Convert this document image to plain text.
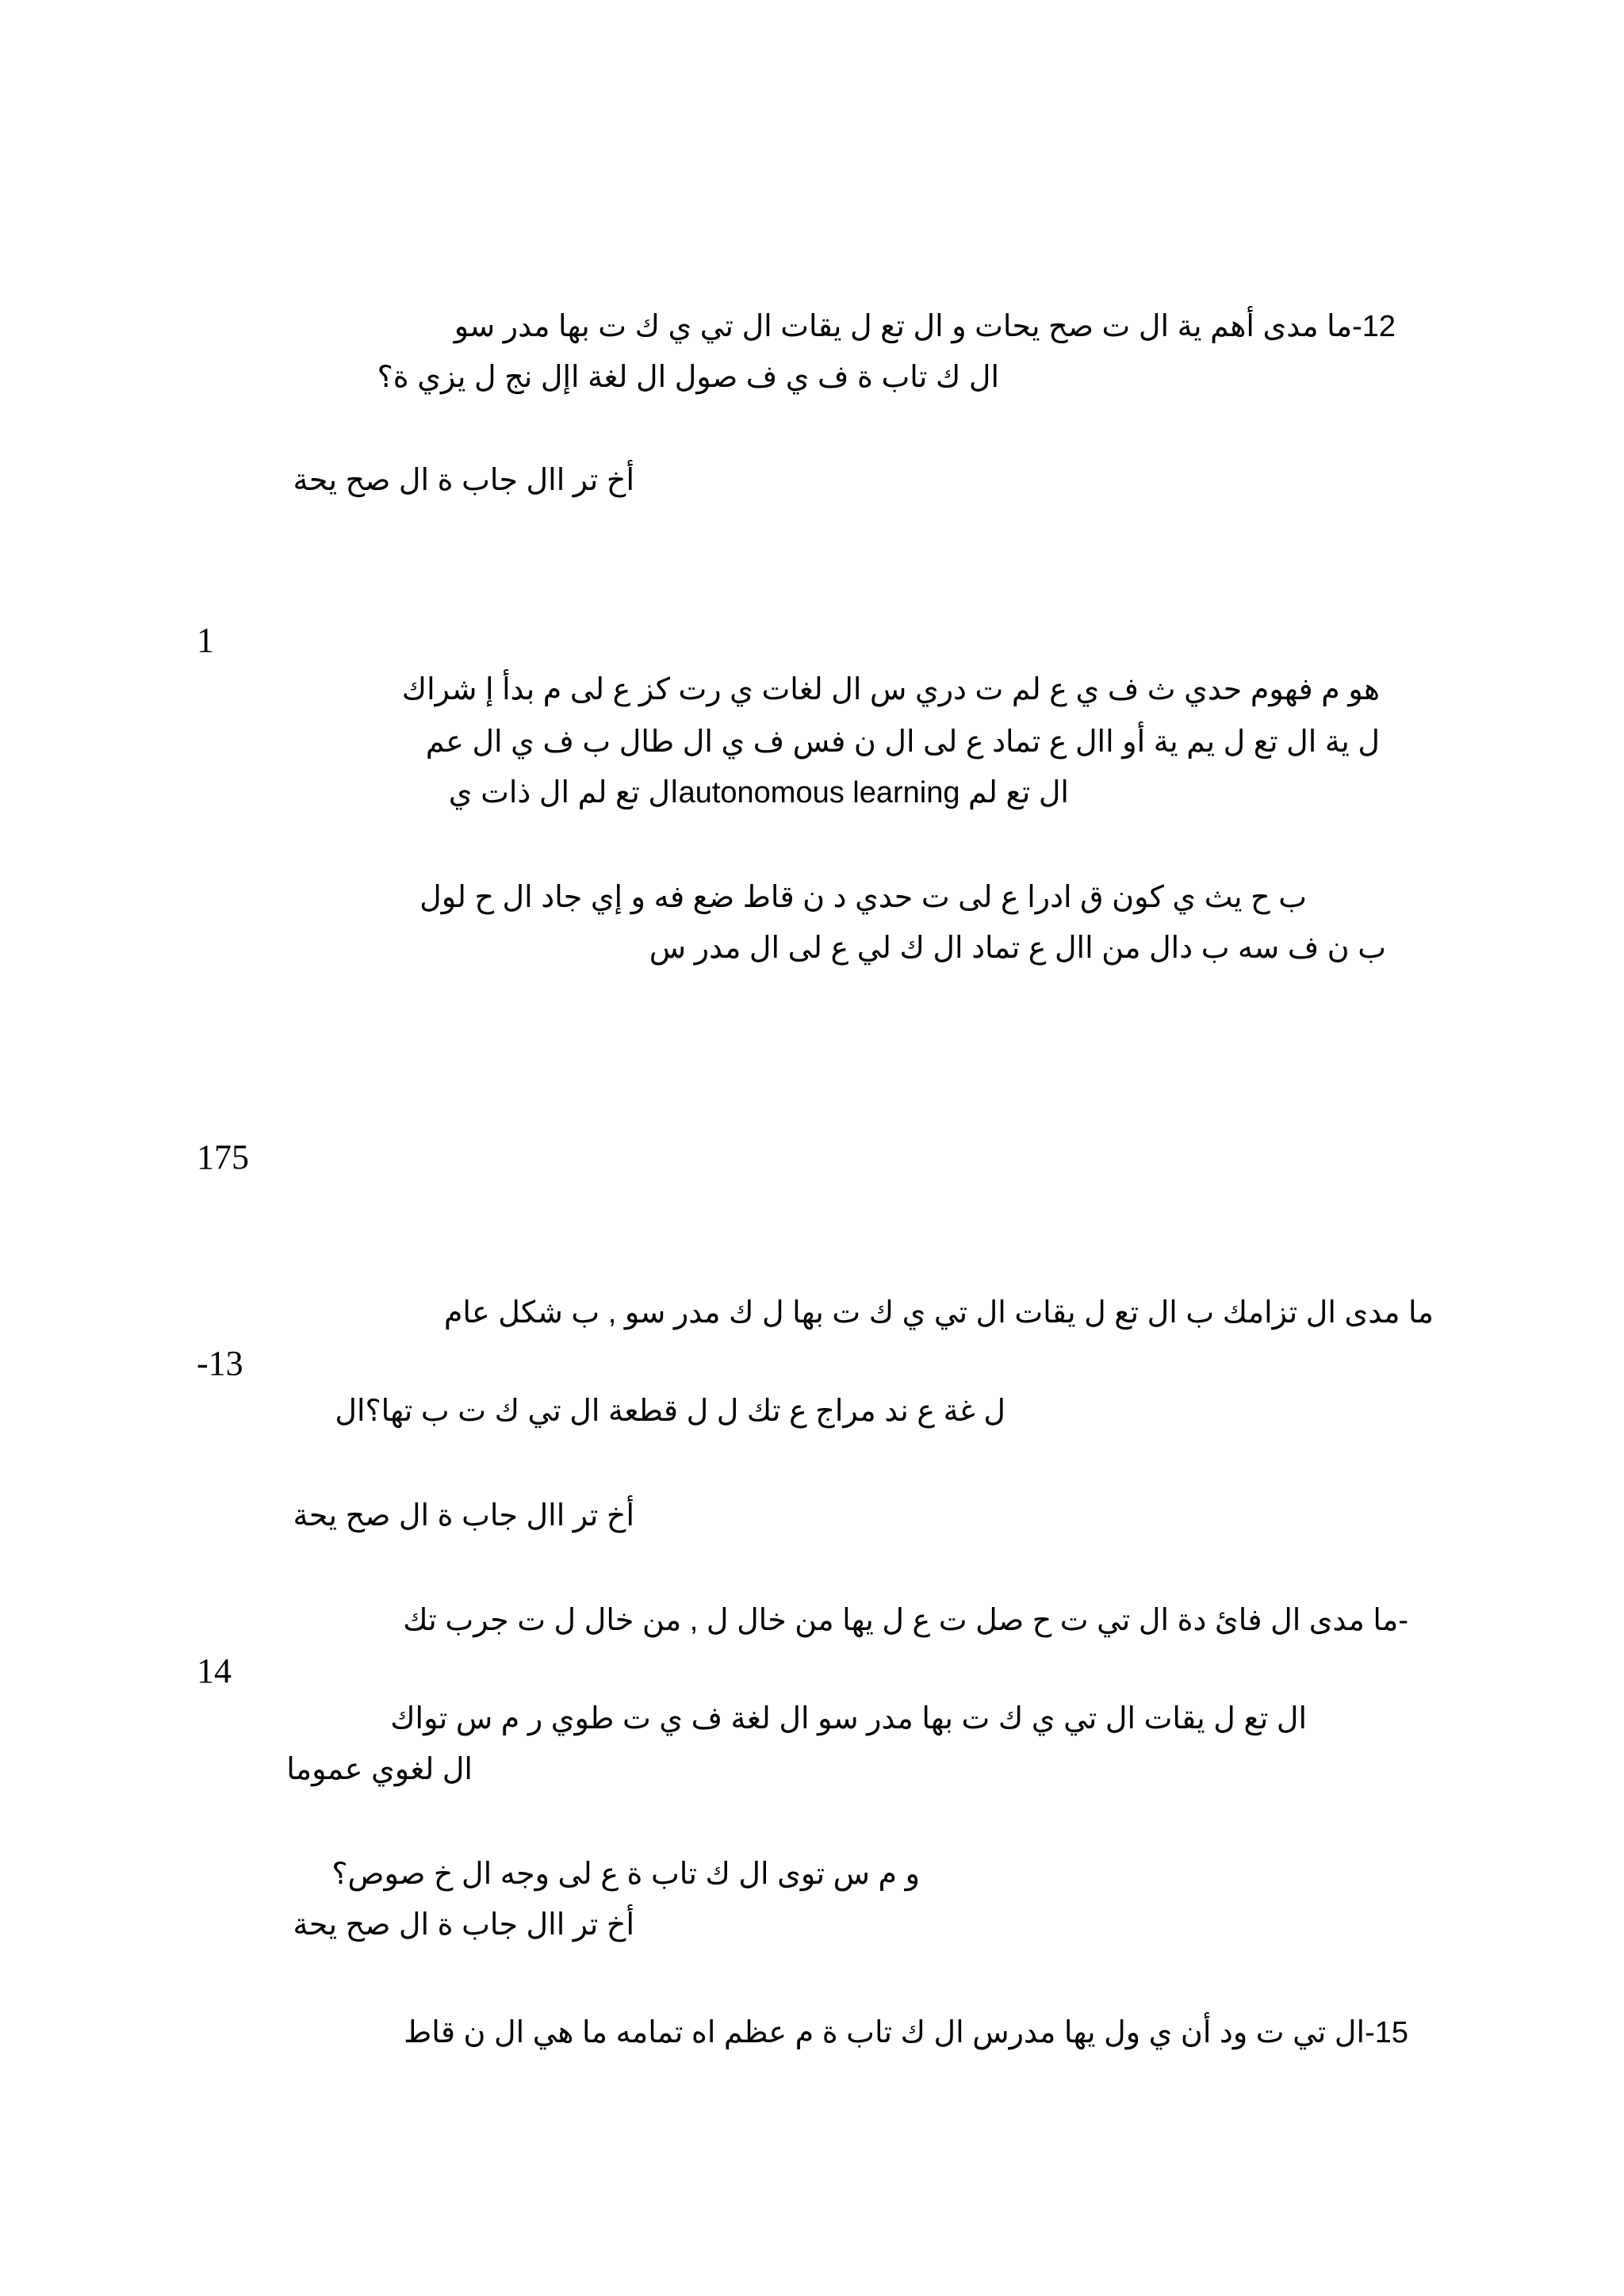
12-ما مدى أهم ية ال ت صح يحات و ال تع ل يقات ال تي ي ك ت بها مدر سو
ال ك تاب ة ف ي ف صول ال لغة اإل نج ل يزي ة؟
أخ تر اال جاب ة ال صح يحة
1
هو م فهوم حدي ث ف ي ع لم ت دري س ال لغات ي رت كز ع لى م بدأ إ شراك
ل ية ال تع ل يم ية أو اال ع تماد ع لى ال ن فس ف ي ال طال ب ف ي ال عم
ال تع لم autonomous learningال تع لم ال ذات ي
ب ح يث ي كون ق ادرا ع لى ت حدي د ن قاط ضع فه و إي جاد ال ح لول
ب ن ف سه ب دال من اال ع تماد ال ك لي ع لى ال مدر س
175
ما مدى ال تزامك ب ال تع ل يقات ال تي ي ك ت بها ل ك مدر سو , ب شكل عام
-13
ل غة ع ند مراج ع تك ل ل قطعة ال تي ك ت ب تها؟ال
أخ تر اال جاب ة ال صح يحة
-ما مدى ال فائ دة ال تي ت ح صل ت ع ل يها من خال ل , من خال ل ت جرب تك
14
ال تع ل يقات ال تي ي ك ت بها مدر سو ال لغة ف ي ت طوي ر م س تواك
ال لغوي عموما
و م س توى ال ك تاب ة ع لى وجه ال خ صوص؟
أخ تر اال جاب ة ال صح يحة
15-ال تي ت ود أن ي ول يها مدرس ال ك تاب ة م عظم اه تمامه ما هي ال ن قاط
